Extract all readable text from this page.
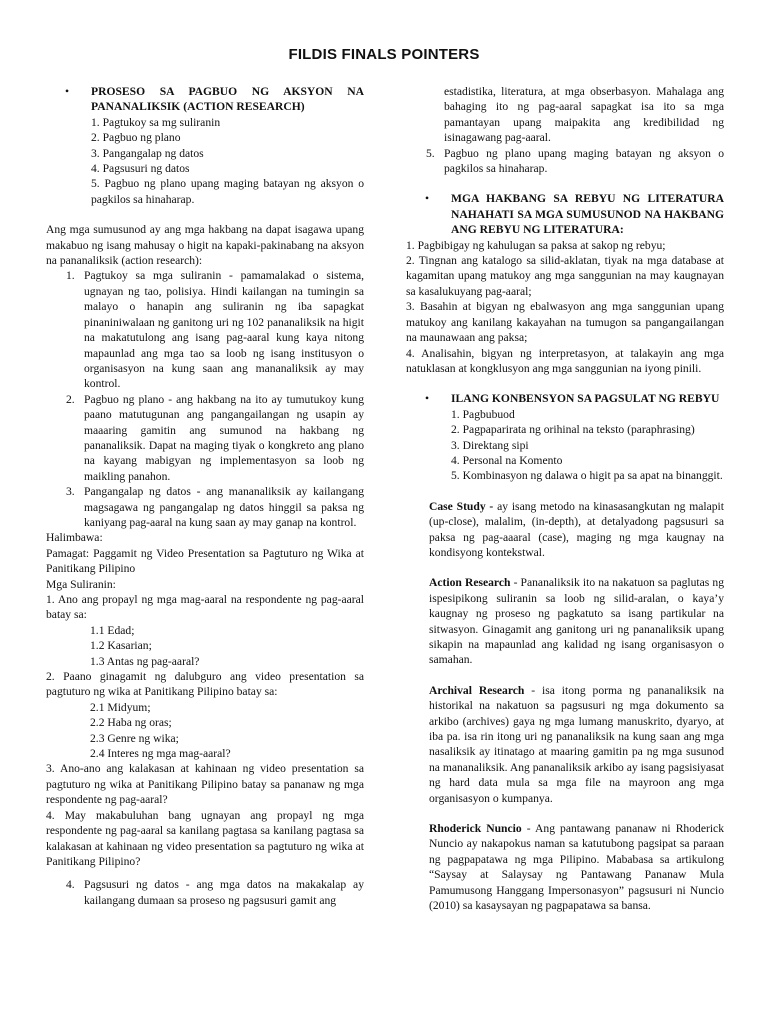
FILDIS FINALS POINTERS

• PROSESO SA PAGBUO NG AKSYON NA PANANALIKSIK (ACTION RESEARCH)

1. Pagtukoy sa mg suliranin

2. Pagbuo ng plano

3. Pangangalap ng datos

4. Pagsusuri ng datos

5. Pagbuo ng plano upang maging batayan ng aksyon o pagkilos sa hinaharap.

Ang mga sumusunod ay ang mga hakbang na dapat isagawa upang makabuo ng isang mahusay o higit na kapaki-pakinabang na aksyon na pananaliksik (action research):

1. Pagtukoy sa mga suliranin - pamamalakad o sistema, ugnayan ng tao, polisiya. Hindi kailangan na tumingin sa malayo o hanapin ang suliranin ng iba sapagkat pinaniniwalaan ng ganitong uri ng 102 pananaliksik na higit na makatutulong ang isang pag-aaral kung kaya nitong mapaunlad ang mga tao sa loob ng isang institusyon o organisasyon na kung saan ang mananaliksik ay may kontrol.

2. Pagbuo ng plano - ang hakbang na ito ay tumutukoy kung paano matutugunan ang pangangailangan ng usapin ay maaaring gamitin ang sumunod na hakbang ng pananaliksik. Dapat na maging tiyak o kongkreto ang plano na kayang mabigyan ng implementasyon sa loob ng maikling panahon.

3. Pangangalap ng datos - ang mananaliksik ay kailangang magsagawa ng pangangalap ng datos hinggil sa paksa ng kaniyang pag-aaral na kung saan ay may ganap na kontrol.

Halimbawa:

Pamagat: Paggamit ng Video Presentation sa Pagtuturo ng Wika at Panitikang Pilipino

Mga Suliranin:

1. Ano ang propayl ng mga mag-aaral na respondente ng pag-aaral batay sa:

1.1 Edad;

1.2 Kasarian;

1.3 Antas ng pag-aaral?

2. Paano ginagamit ng dalubguro ang video presentation sa pagtuturo ng wika at Panitikang Pilipino batay sa:

2.1 Midyum;

2.2 Haba ng oras;

2.3 Genre ng wika;

2.4 Interes ng mga mag-aaral?

3. Ano-ano ang kalakasan at kahinaan ng video presentation sa pagtuturo ng wika at Panitikang Pilipino batay sa pananaw ng mga respondente ng pag-aaral?

4. May makabuluhan bang ugnayan ang propayl ng mga respondente ng pag-aaral sa kanilang pagtasa sa kanilang pagtasa sa kalakasan at kahinaan ng video presentation sa pagtuturo ng wika at Panitikang Pilipino?

4. Pagsusuri ng datos - ang mga datos na makakalap ay kailangang dumaan sa proseso ng pagsusuri gamit ang

estadistika, literatura, at mga obserbasyon. Mahalaga ang bahaging ito ng pag-aaral sapagkat isa ito sa mga pamantayan upang maipakita ang kredibilidad ng isinagawang pag-aaral.

5. Pagbuo ng plano upang maging batayan ng aksyon o pagkilos sa hinaharap.

• MGA HAKBANG SA REBYU NG LITERATURA NAHAHATI SA MGA SUMUSUNOD NA HAKBANG ANG REBYU NG LITERATURA:

1. Pagbibigay ng kahulugan sa paksa at sakop ng rebyu;

2. Tingnan ang katalogo sa silid-aklatan, tiyak na mga database at kagamitan upang matukoy ang mga sanggunian na may kaugnayan sa kasalukuyang pag-aaral;

3. Basahin at bigyan ng ebalwasyon ang mga sanggunian upang matukoy ang kanilang kakayahan na tumugon sa pangangailangan na maunawaan ang paksa;

4. Analisahin, bigyan ng interpretasyon, at talakayin ang mga natuklasan at kongklusyon ang mga sanggunian na iyong pinili.

• ILANG KONBENSYON SA PAGSULAT NG REBYU

1. Pagbubuod

2. Pagpaparirata ng orihinal na teksto (paraphrasing)

3. Direktang sipi

4. Personal na Komento

5. Kombinasyon ng dalawa o higit pa sa apat na binanggit.

Case Study - ay isang metodo na kinasasangkutan ng malapit (up-close), malalim, (in-depth), at detalyadong pagsusuri sa paksa ng pag-aaaral (case), maging ng mga kaugnay na kondisyong kontekstwal.

Action Research - Pananaliksik ito na nakatuon sa paglutas ng ispesipikong suliranin sa loob ng silid-aralan, o kaya’y kaugnay ng proseso ng pagkatuto sa isang partikular na sitwasyon. Ginagamit ang ganitong uri ng pananaliksik upang sikapin na mapaunlad ang kalidad ng isang organisasyon o samahan.

Archival Research - isa itong porma ng pananaliksik na historikal na nakatuon sa pagsusuri ng mga dokumento sa arkibo (archives) gaya ng mga lumang manuskrito, dyaryo, at iba pa. isa rin itong uri ng pananaliksik na kung saan ang mga nasaliksik ay itinatago at maaring gamitin pa ng mga susunod na mananaliksik. Ang pananaliksik arkibo ay isang pagsisiyasat ng hard data mula sa mga file na mayroon ang mga organisasyon o kumpanya.

Rhoderick Nuncio - Ang pantawang pananaw ni Rhoderick Nuncio ay nakapokus naman sa katutubong pagsipat sa paraan ng pagpapatawa ng mga Pilipino. Mababasa sa artikulong “Saysay at Salaysay ng Pantawang Pananaw Mula Pamumusong Hanggang Impersonasyon” pagsusuri ni Nuncio (2010) sa kasaysayan ng pagpapatawa sa bansa.
